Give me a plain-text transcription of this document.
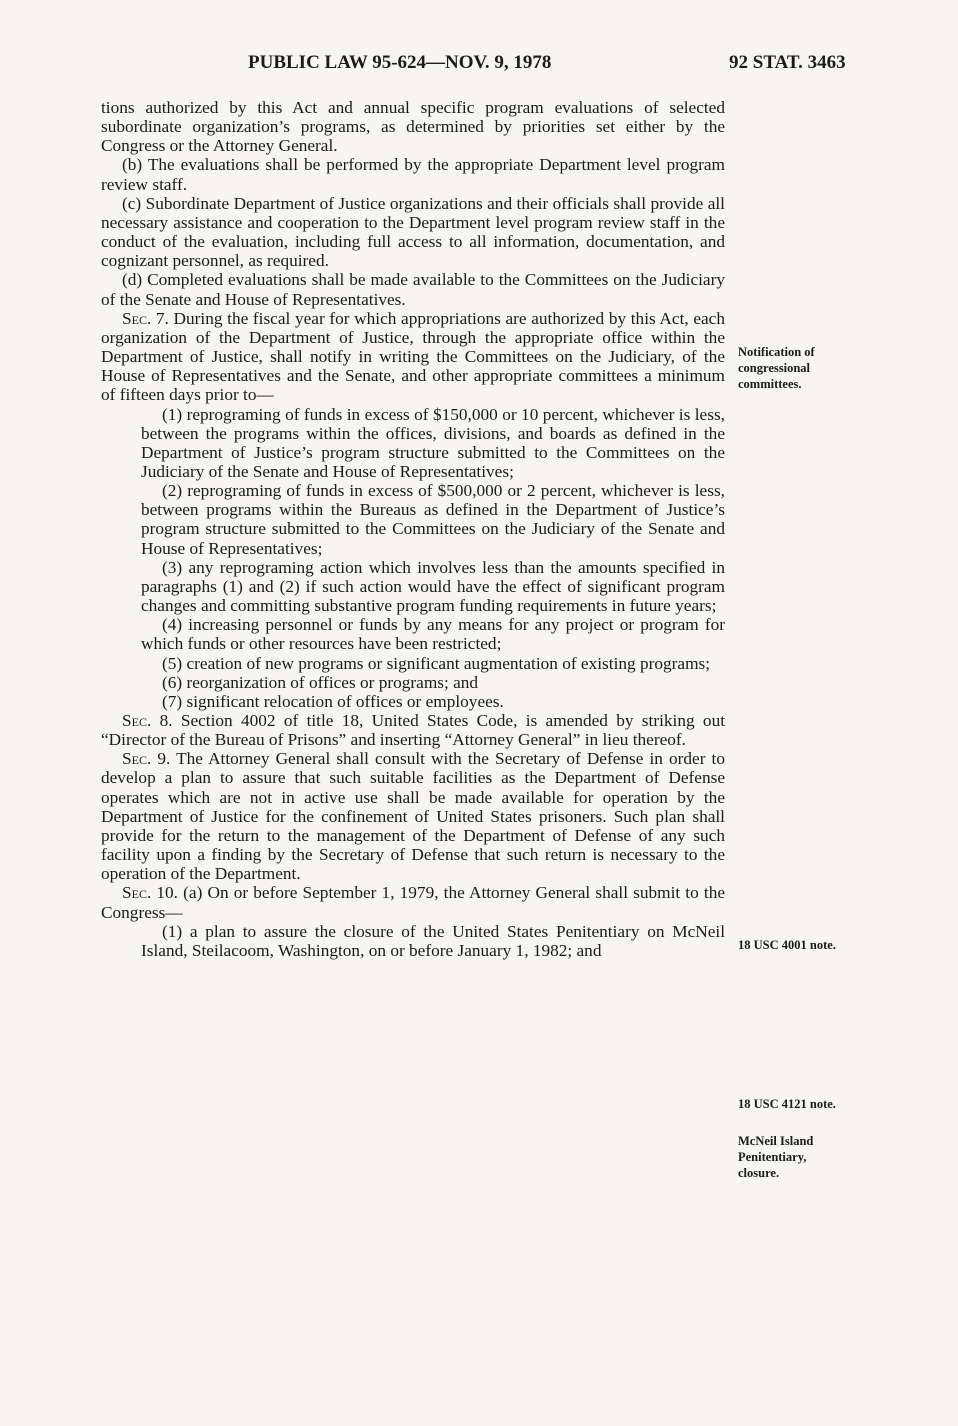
PUBLIC LAW 95-624—NOV. 9, 1978	92 STAT. 3463

tions authorized by this Act and annual specific program evaluations of selected subordinate organization’s programs, as determined by priorities set either by the Congress or the Attorney General.

(b) The evaluations shall be performed by the appropriate Department level program review staff.

(c) Subordinate Department of Justice organizations and their officials shall provide all necessary assistance and cooperation to the Department level program review staff in the conduct of the evaluation, including full access to all information, documentation, and cognizant personnel, as required.

(d) Completed evaluations shall be made available to the Committees on the Judiciary of the Senate and House of Representatives.

Sec. 7. During the fiscal year for which appropriations are authorized by this Act, each organization of the Department of Justice, through the appropriate office within the Department of Justice, shall notify in writing the Committees on the Judiciary, of the House of Representatives and the Senate, and other appropriate committees a minimum of fifteen days prior to—

(1) reprograming of funds in excess of $150,000 or 10 percent, whichever is less, between the programs within the offices, divisions, and boards as defined in the Department of Justice’s program structure submitted to the Committees on the Judiciary of the Senate and House of Representatives;

(2) reprograming of funds in excess of $500,000 or 2 percent, whichever is less, between programs within the Bureaus as defined in the Department of Justice’s program structure submitted to the Committees on the Judiciary of the Senate and House of Representatives;

(3) any reprograming action which involves less than the amounts specified in paragraphs (1) and (2) if such action would have the effect of significant program changes and committing substantive program funding requirements in future years;

(4) increasing personnel or funds by any means for any project or program for which funds or other resources have been restricted;

(5) creation of new programs or significant augmentation of existing programs;

(6) reorganization of offices or programs; and

(7) significant relocation of offices or employees.

Sec. 8. Section 4002 of title 18, United States Code, is amended by striking out “Director of the Bureau of Prisons” and inserting “Attorney General” in lieu thereof.

Sec. 9. The Attorney General shall consult with the Secretary of Defense in order to develop a plan to assure that such suitable facilities as the Department of Defense operates which are not in active use shall be made available for operation by the Department of Justice for the confinement of United States prisoners. Such plan shall provide for the return to the management of the Department of Defense of any such facility upon a finding by the Secretary of Defense that such return is necessary to the operation of the Department.

Sec. 10. (a) On or before September 1, 1979, the Attorney General shall submit to the Congress—

(1) a plan to assure the closure of the United States Penitentiary on McNeil Island, Steilacoom, Washington, on or before January 1, 1982; and

Notification of congressional committees.
18 USC 4001 note.
18 USC 4121 note.
McNeil Island Penitentiary, closure.
